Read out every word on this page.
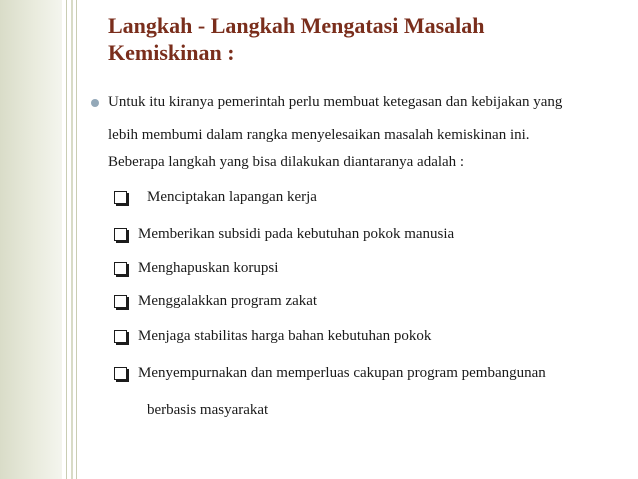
Langkah - Langkah Mengatasi Masalah
Kemiskinan :

Untuk itu kiranya pemerintah perlu membuat ketegasan dan kebijakan yang

lebih membumi dalam rangka menyelesaikan masalah kemiskinan ini.

Beberapa langkah yang bisa dilakukan diantaranya adalah :

Menciptakan lapangan kerja
Memberikan subsidi pada kebutuhan pokok manusia
Menghapuskan korupsi
Menggalakkan program zakat
Menjaga stabilitas harga bahan kebutuhan pokok
Menyempurnakan dan memperluas cakupan program pembangunan

berbasis masyarakat
